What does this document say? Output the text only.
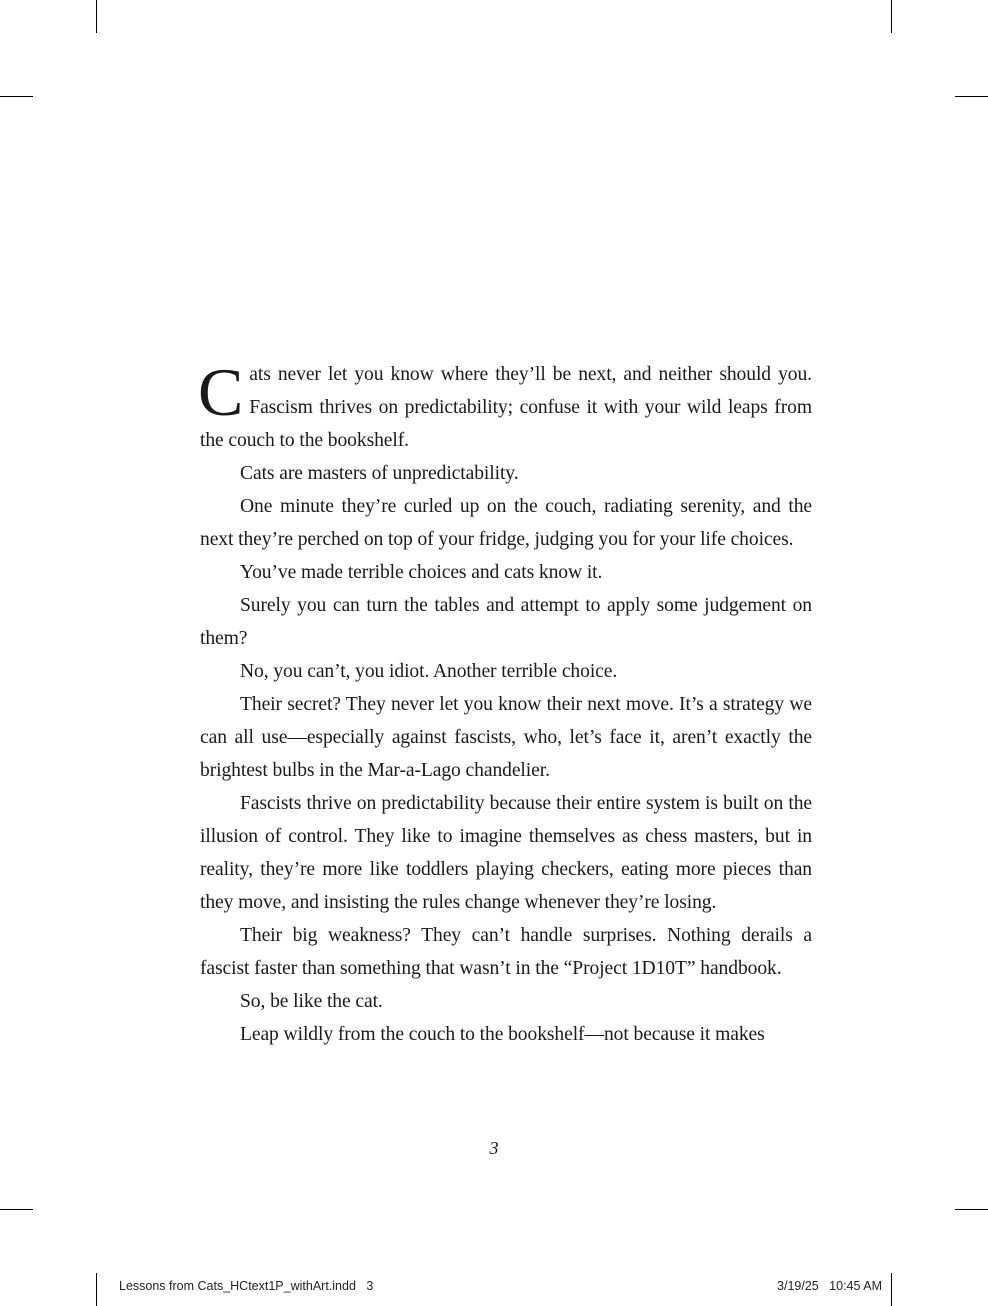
Cats never let you know where they’ll be next, and neither should you. Fascism thrives on predictability; confuse it with your wild leaps from the couch to the bookshelf.

Cats are masters of unpredictability.

One minute they’re curled up on the couch, radiating serenity, and the next they’re perched on top of your fridge, judging you for your life choices.

You’ve made terrible choices and cats know it.

Surely you can turn the tables and attempt to apply some judgement on them?

No, you can’t, you idiot. Another terrible choice.

Their secret? They never let you know their next move. It’s a strategy we can all use—especially against fascists, who, let’s face it, aren’t exactly the brightest bulbs in the Mar-a-Lago chandelier.

Fascists thrive on predictability because their entire system is built on the illusion of control. They like to imagine themselves as chess masters, but in reality, they’re more like toddlers playing checkers, eating more pieces than they move, and insisting the rules change whenever they’re losing.

Their big weakness? They can’t handle surprises. Nothing derails a fascist faster than something that wasn’t in the “Project 1D10T” handbook.

So, be like the cat.

Leap wildly from the couch to the bookshelf—not because it makes

3
Lessons from Cats_HCtext1P_withArt.indd   3	3/19/25   10:45 AM
